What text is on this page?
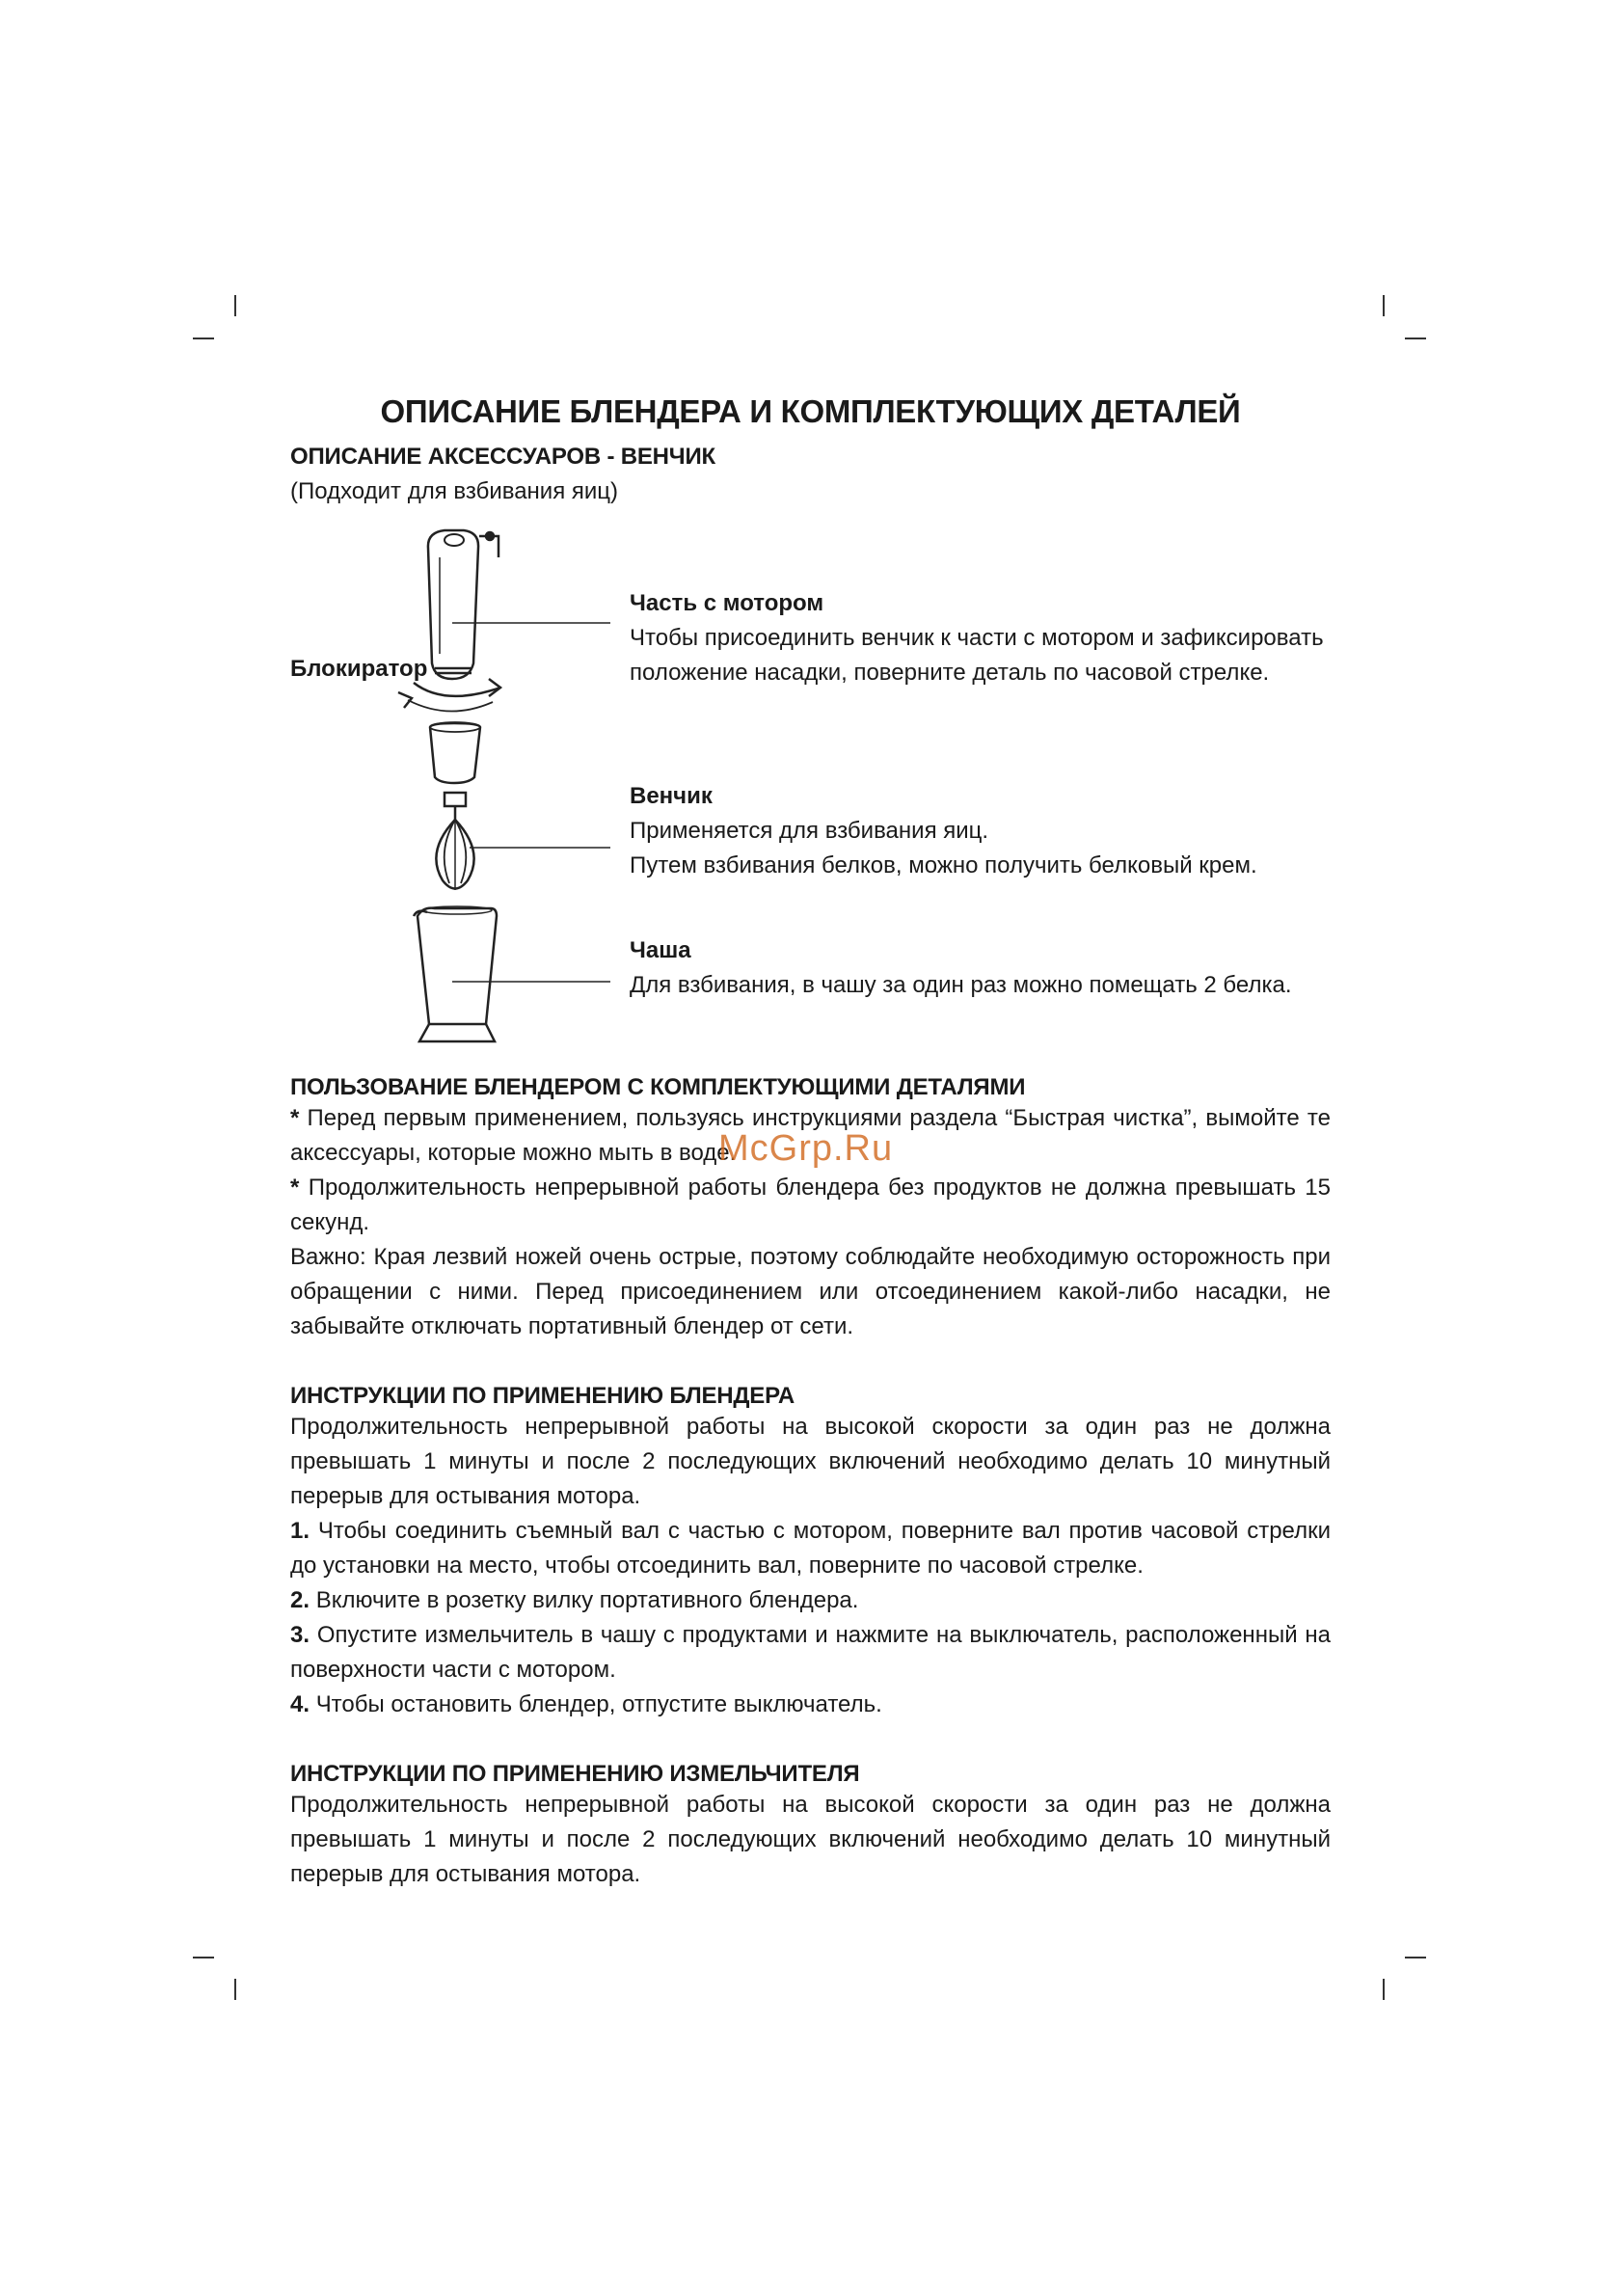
ОПИСАНИЕ БЛЕНДЕРА И КОМПЛЕКТУЮЩИХ ДЕТАЛЕЙ
ОПИСАНИЕ АКСЕССУАРОВ - ВЕНЧИК
(Подходит для взбивания яиц)
Блокиратор
Часть с мотором
Чтобы присоединить венчик к части с мотором и зафиксировать положение насадки, поверните деталь по часовой стрелке.
Венчик
Применяется для взбивания яиц.
Путем взбивания белков, можно получить белковый крем.
Чаша
Для взбивания, в чашу за один раз можно помещать 2 белка.
ПОЛЬЗОВАНИЕ БЛЕНДЕРОМ С КОМПЛЕКТУЮЩИМИ ДЕТАЛЯМИ
* Перед первым применением, пользуясь инструкциями раздела “Быстрая чистка”, вымойте те аксессуары, которые можно мыть в воде.
* Продолжительность непрерывной работы блендера без продуктов не должна превышать 15 секунд.
Важно: Края лезвий ножей очень острые, поэтому соблюдайте необходимую осторожность при обращении с ними. Перед присоединением или отсоединением какой-либо насадки, не забывайте отключать портативный блендер от сети.
ИНСТРУКЦИИ ПО ПРИМЕНЕНИЮ БЛЕНДЕРА
Продолжительность непрерывной работы на высокой скорости за один раз не должна превышать 1 минуты и после 2 последующих включений необходимо делать 10 минутный перерыв для остывания мотора.
1. Чтобы соединить съемный вал с частью с мотором, поверните вал против часовой стрелки до установки на место, чтобы отсоединить вал, поверните по часовой стрелке.
2. Включите в розетку вилку портативного блендера.
3. Опустите измельчитель в чашу с продуктами и нажмите на выключатель, расположенный на поверхности части с мотором.
4. Чтобы остановить блендер, отпустите выключатель.
ИНСТРУКЦИИ ПО ПРИМЕНЕНИЮ ИЗМЕЛЬЧИТЕЛЯ
Продолжительность непрерывной работы на высокой скорости за один раз не должна превышать 1 минуты и после 2 последующих включений необходимо делать 10 минутный перерыв для остывания мотора.
McGrp.Ru
